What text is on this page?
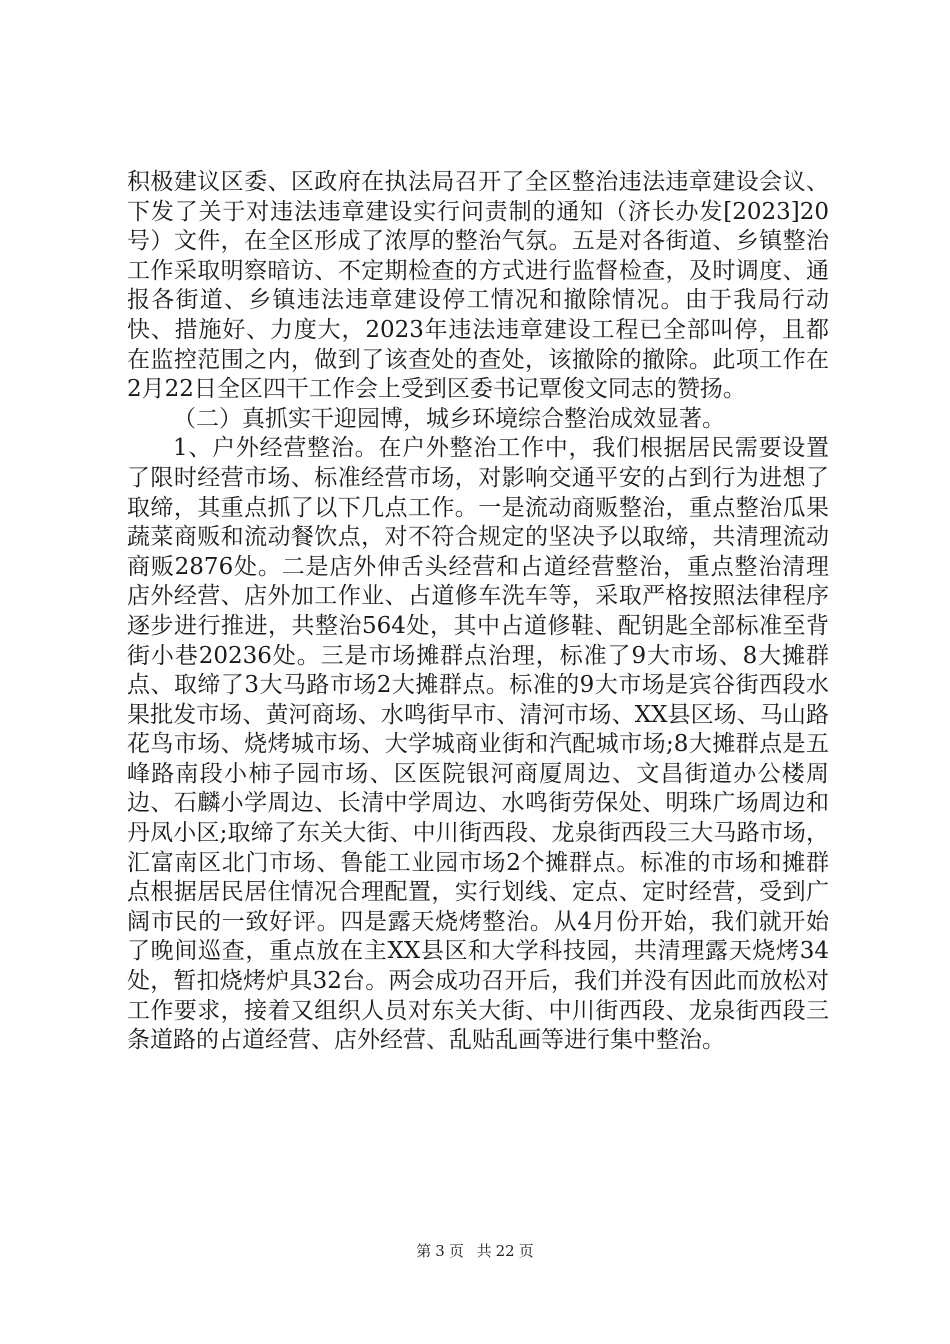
积极建议区委、区政府在执法局召开了全区整治违法违章建设会议、下发了关于对违法违章建设实行问责制的通知（济长办发[2023]20号）文件，在全区形成了浓厚的整治气氛。五是对各街道、乡镇整治工作采取明察暗访、不定期检查的方式进行监督检查，及时调度、通报各街道、乡镇违法违章建设停工情况和撤除情况。由于我局行动快、措施好、力度大，2023年违法违章建设工程已全部叫停，且都在监控范围之内，做到了该查处的查处，该撤除的撤除。此项工作在2月22日全区四干工作会上受到区委书记覃俊文同志的赞扬。

（二）真抓实干迎园博，城乡环境综合整治成效显著。

1、户外经营整治。在户外整治工作中，我们根据居民需要设置了限时经营市场、标准经营市场，对影响交通平安的占到行为进想了取缔，其重点抓了以下几点工作。一是流动商贩整治，重点整治瓜果蔬菜商贩和流动餐饮点，对不符合规定的坚决予以取缔，共清理流动商贩2876处。二是店外伸舌头经营和占道经营整治，重点整治清理店外经营、店外加工作业、占道修车洗车等，采取严格按照法律程序逐步进行推进，共整治564处，其中占道修鞋、配钥匙全部标准至背街小巷20236处。三是市场摊群点治理，标准了9大市场、8大摊群点、取缔了3大马路市场2大摊群点。标准的9大市场是宾谷街西段水果批发市场、黄河商场、水鸣街早市、清河市场、XX县区场、马山路花鸟市场、烧烤城市场、大学城商业街和汽配城市场;8大摊群点是五峰路南段小柿子园市场、区医院银河商厦周边、文昌街道办公楼周边、石麟小学周边、长清中学周边、水鸣街劳保处、明珠广场周边和丹凤小区;取缔了东关大街、中川街西段、龙泉街西段三大马路市场，汇富南区北门市场、鲁能工业园市场2个摊群点。标准的市场和摊群点根据居民居住情况合理配置，实行划线、定点、定时经营，受到广阔市民的一致好评。四是露天烧烤整治。从4月份开始，我们就开始了晚间巡查，重点放在主XX县区和大学科技园，共清理露天烧烤34处，暂扣烧烤炉具32台。两会成功召开后，我们并没有因此而放松对工作要求，接着又组织人员对东关大街、中川街西段、龙泉街西段三条道路的占道经营、店外经营、乱贴乱画等进行集中整治。

第 3 页 共 22 页
